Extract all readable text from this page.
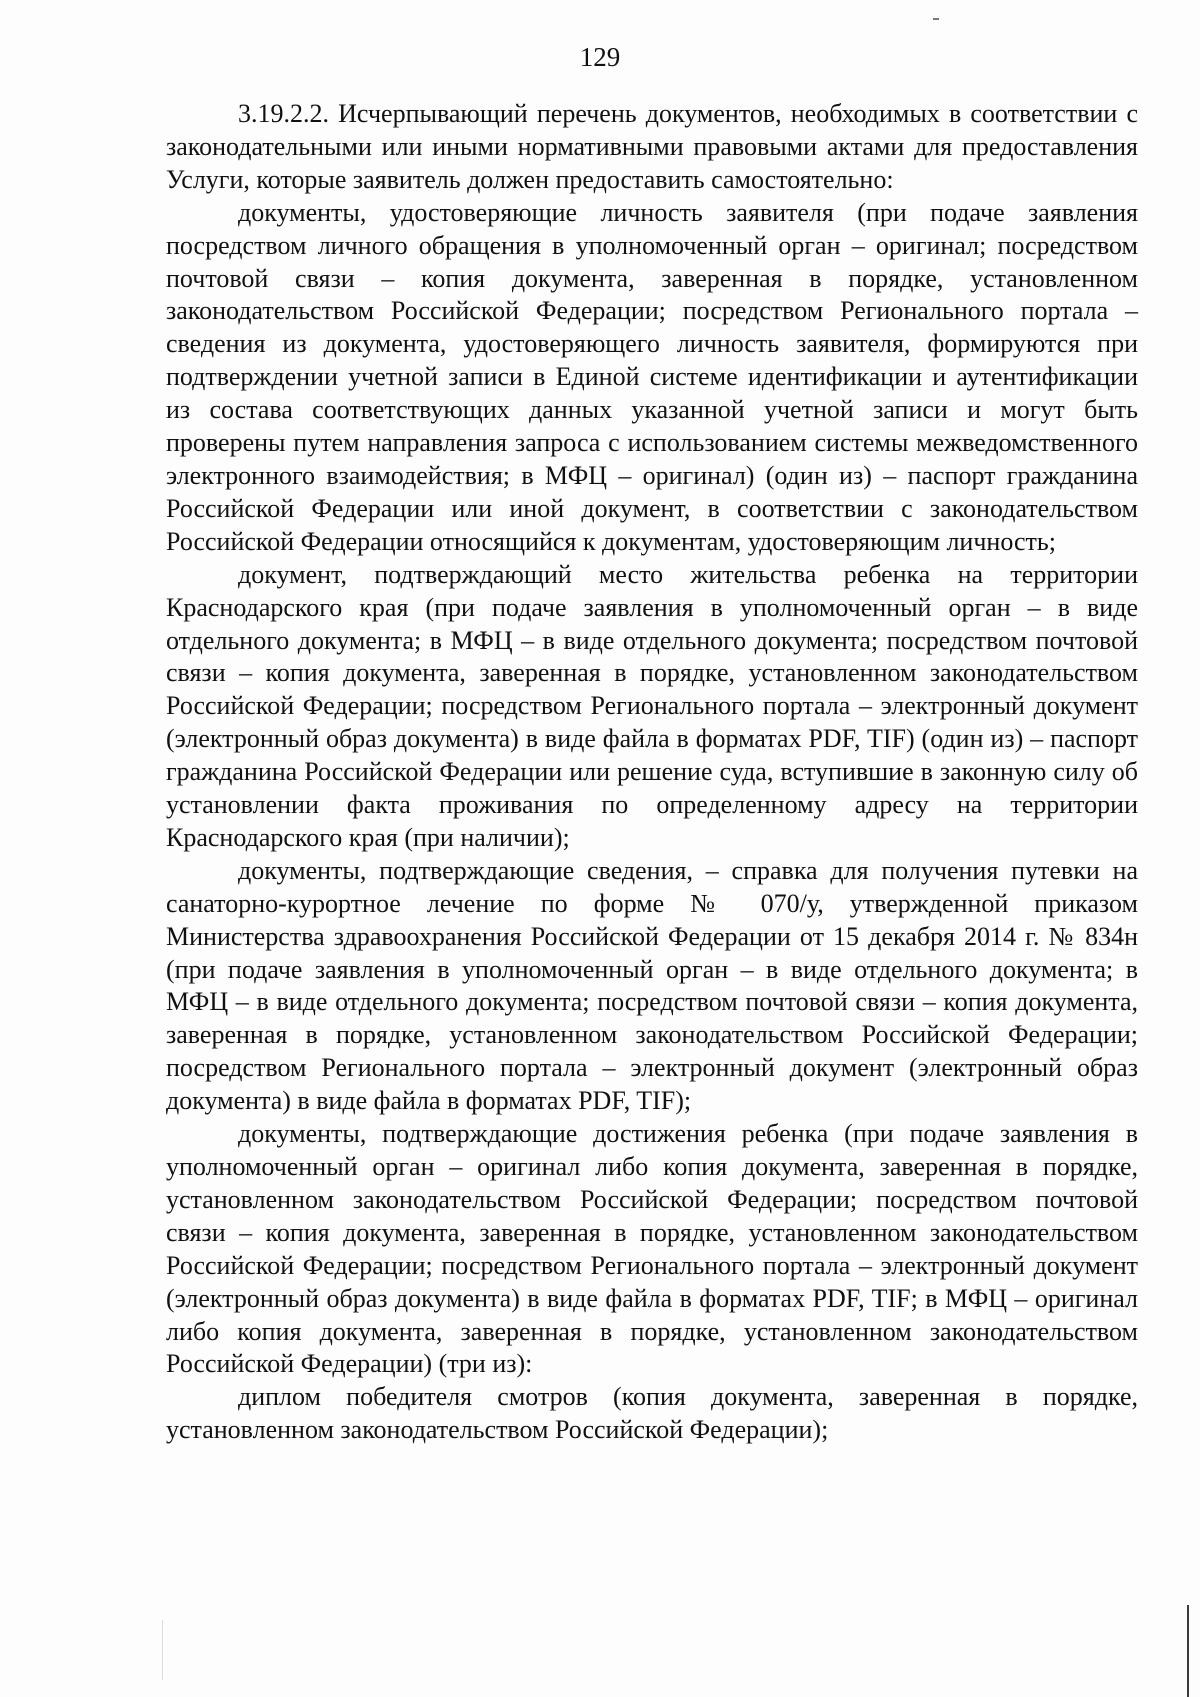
129

3.19.2.2. Исчерпывающий перечень документов, необходимых в соответствии с законодательными или иными нормативными правовыми актами для предоставления Услуги, которые заявитель должен предоставить самостоятельно:

документы, удостоверяющие личность заявителя (при подаче заявления посредством личного обращения в уполномоченный орган – оригинал; посредством почтовой связи – копия документа, заверенная в порядке, установленном законодательством Российской Федерации; посредством Регионального портала – сведения из документа, удостоверяющего личность заявителя, формируются при подтверждении учетной записи в Единой системе идентификации и аутентификации из состава соответствующих данных указанной учетной записи и могут быть проверены путем направления запроса с использованием системы межведомственного электронного взаимодействия; в МФЦ – оригинал) (один из) – паспорт гражданина Российской Федерации или иной документ, в соответствии с законодательством Российской Федерации относящийся к документам, удостоверяющим личность;

документ, подтверждающий место жительства ребенка на территории Краснодарского края (при подаче заявления в уполномоченный орган – в виде отдельного документа; в МФЦ – в виде отдельного документа; посредством почтовой связи – копия документа, заверенная в порядке, установленном законодательством Российской Федерации; посредством Регионального портала – электронный документ (электронный образ документа) в виде файла в форматах PDF, TIF) (один из) – паспорт гражданина Российской Федерации или решение суда, вступившие в законную силу об установлении факта проживания по определенному адресу на территории Краснодарского края (при наличии);

документы, подтверждающие сведения, – справка для получения путевки на санаторно-курортное лечение по форме № 070/у, утвержденной приказом Министерства здравоохранения Российской Федерации от 15 декабря 2014 г. № 834н (при подаче заявления в уполномоченный орган – в виде отдельного документа; в МФЦ – в виде отдельного документа; посредством почтовой связи – копия документа, заверенная в порядке, установленном законодательством Российской Федерации; посредством Регионального портала – электронный документ (электронный образ документа) в виде файла в форматах PDF, TIF);

документы, подтверждающие достижения ребенка (при подаче заявления в уполномоченный орган – оригинал либо копия документа, заверенная в порядке, установленном законодательством Российской Федерации; посредством почтовой связи – копия документа, заверенная в порядке, установленном законодательством Российской Федерации; посредством Регионального портала – электронный документ (электронный образ документа) в виде файла в форматах PDF, TIF; в МФЦ – оригинал либо копия документа, заверенная в порядке, установленном законодательством Российской Федерации) (три из):

диплом победителя смотров (копия документа, заверенная в порядке, установленном законодательством Российской Федерации);
